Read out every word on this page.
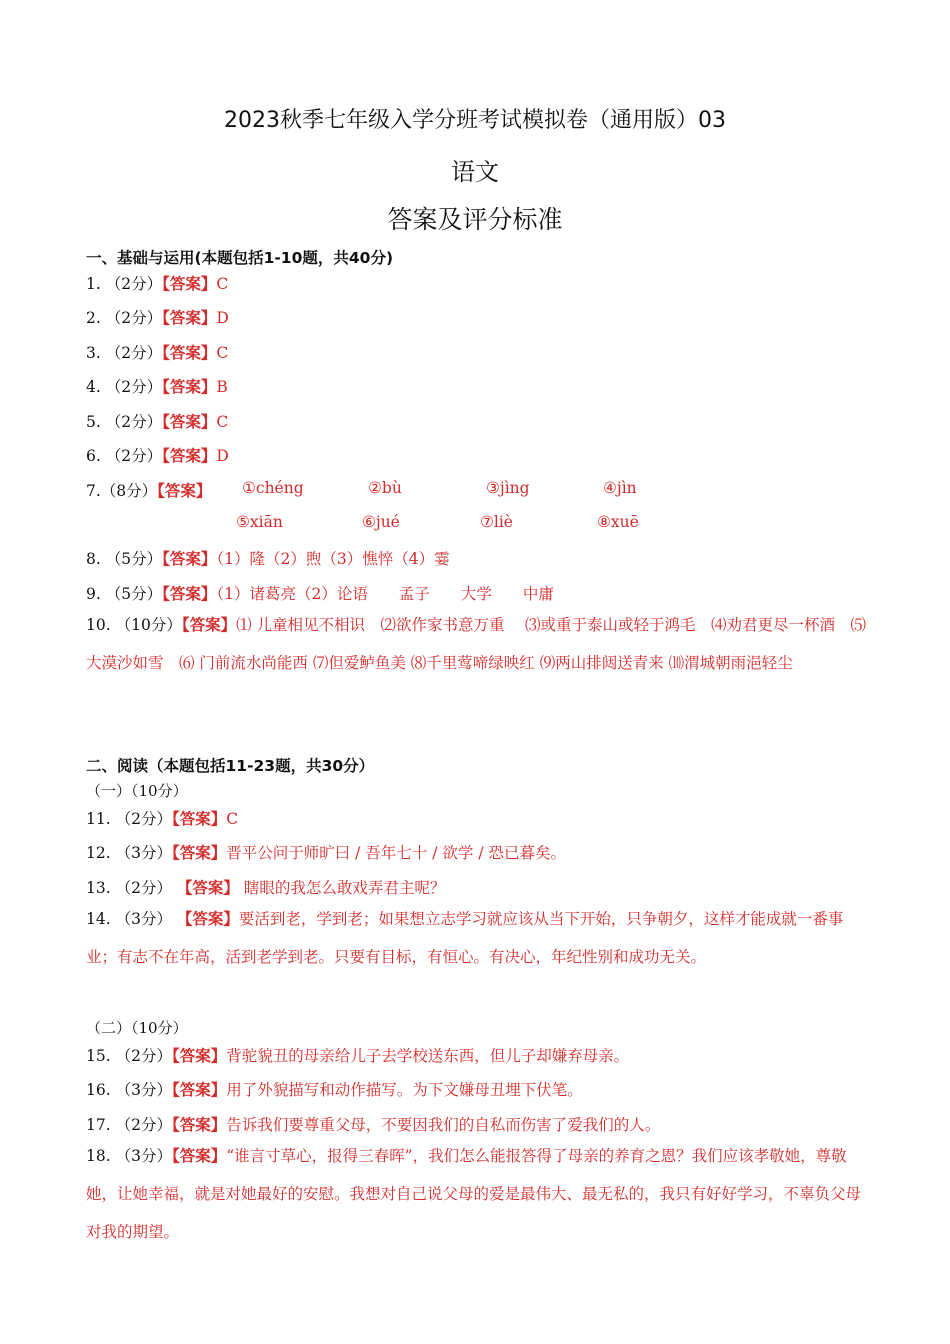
2023秋季七年级入学分班考试模拟卷（通用版）03
语文
答案及评分标准
一、基础与运用(本题包括1-10题，共40分)
1. （2分）【答案】C
2. （2分）【答案】D
3. （2分）【答案】C
4. （2分）【答案】B
5. （2分）【答案】C
6. （2分）【答案】D
7.（8分）【答案】	①chéng	②bù	③jìng	④jìn
⑤xiān	⑥jué	⑦liè	⑧xuē
8. （5分）【答案】（1）隆（2）煦（3）憔悴（4）霎
9. （5分）【答案】（1）诸葛亮（2）论语　　孟子　　大学　　中庸
10. （10分）【答案】⑴ 儿童相见不相识　⑵欲作家书意万重　 ⑶或重于泰山或轻于鸿毛　⑷劝君更尽一杯酒　⑸大漠沙如雪　⑹ 门前流水尚能西 ⑺但爱鲈鱼美 ⑻千里莺啼绿映红 ⑼两山排闼送青来 ⑽渭城朝雨浥轻尘
二、阅读（本题包括11-23题，共30分）
（一）（10分）
11. （2分）【答案】C
12. （3分）【答案】晋平公问于师旷曰 / 吾年七十 / 欲学 / 恐已暮矣。
13. （2分） 【答案】 瞎眼的我怎么敢戏弄君主呢？
14. （3分） 【答案】要活到老，学到老；如果想立志学习就应该从当下开始，只争朝夕，这样才能成就一番事业；有志不在年高，活到老学到老。只要有目标，有恒心。有决心，年纪性别和成功无关。
（二）（10分）
15. （2分）【答案】背驼貌丑的母亲给儿子去学校送东西，但儿子却嫌弃母亲。
16. （3分）【答案】用了外貌描写和动作描写。为下文嫌母丑埋下伏笔。
17. （2分）【答案】告诉我们要尊重父母，不要因我们的自私而伤害了爱我们的人。
18. （3分）【答案】“谁言寸草心，报得三春晖”，我们怎么能报答得了母亲的养育之恩？我们应该孝敬她，尊敬她，让她幸福，就是对她最好的安慰。我想对自己说父母的爱是最伟大、最无私的，我只有好好学习，不辜负父母对我的期望。
